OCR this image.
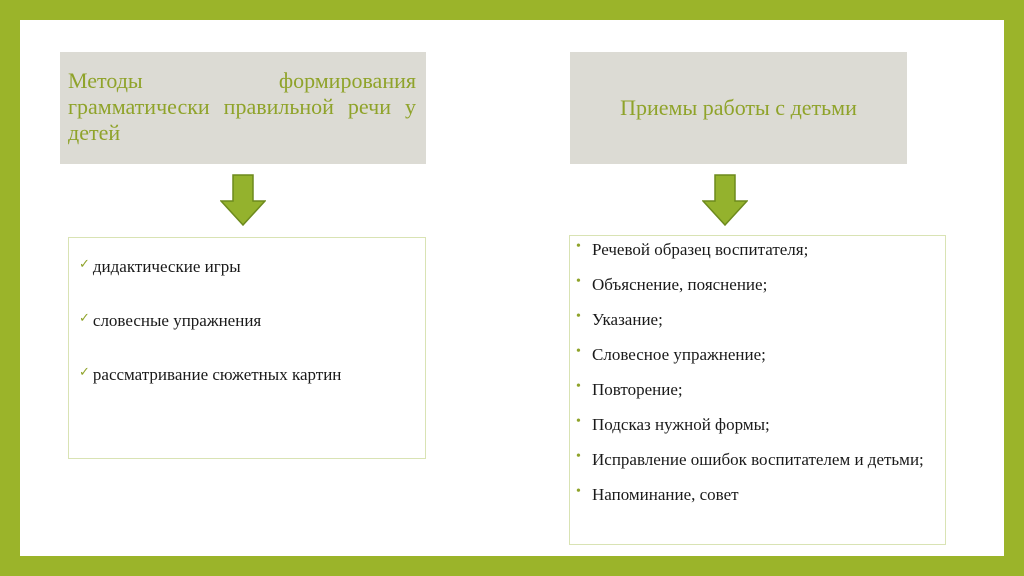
Методы формирования грамматически правильной речи у детей
Приемы работы с детьми
✓ дидактические игры
✓ словесные упражнения
✓ рассматривание сюжетных картин
• Речевой образец воспитателя;
• Объяснение, пояснение;
• Указание;
• Словесное упражнение;
• Повторение;
• Подсказ нужной формы;
• Исправление ошибок воспитателем и детьми;
• Напоминание, совет
